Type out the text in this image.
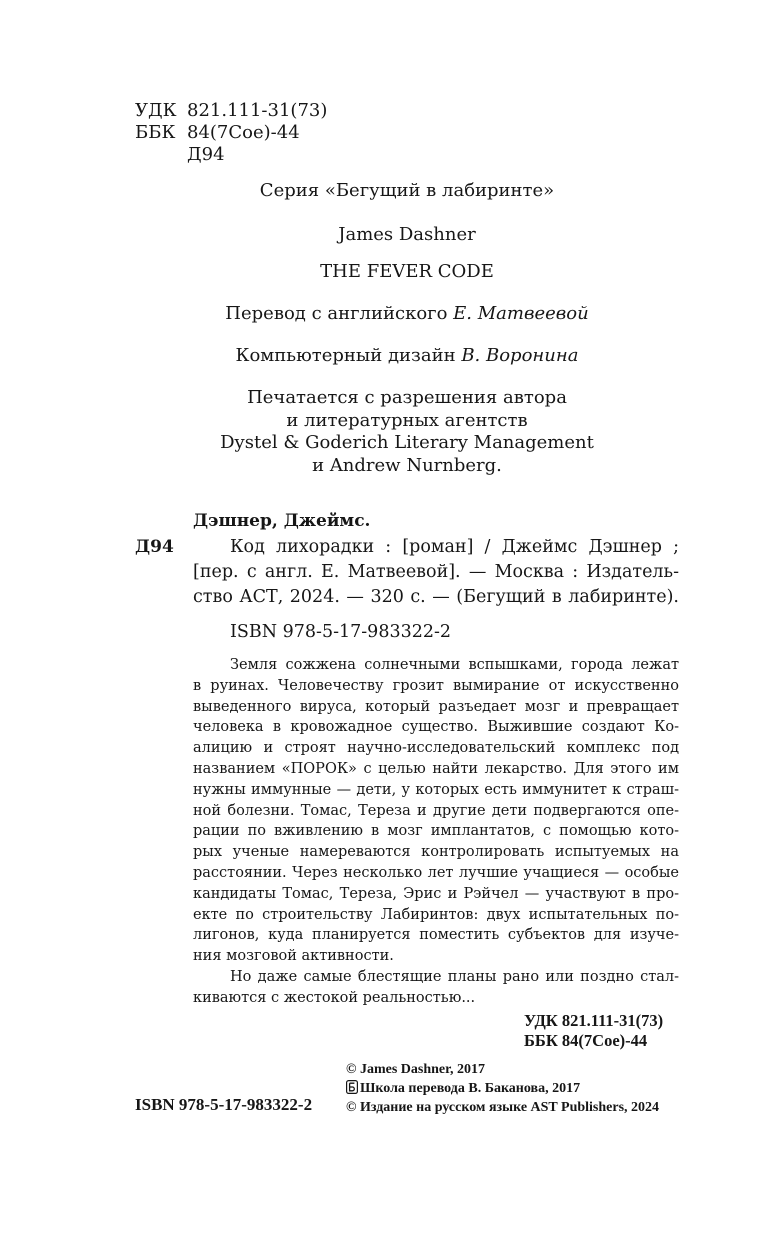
УДК 821.111-31(73)
ББК 84(7Сое)-44
Д94
Серия «Бегущий в лабиринте»
James Dashner
THE FEVER CODE
Перевод с английского Е. Матвеевой
Компьютерный дизайн В. Воронина
Печатается с разрешения автора
и литературных агентств
Dystel & Goderich Literary Management
и Andrew Nurnberg.
Дэшнер, Джеймс.
Д94	Код лихорадки : [роман] / Джеймс Дэшнер ;
[пер. с англ. Е. Матвеевой]. — Москва : Издатель-
ство АСТ, 2024. — 320 с. — (Бегущий в лабиринте).
ISBN 978-5-17-983322-2
Земля сожжена солнечными вспышками, города лежат
в руинах. Человечеству грозит вымирание от искусственно
выведенного вируса, который разъедает мозг и превращает
человека в кровожадное существо. Выжившие создают Ко-
алицию и строят научно-исследовательский комплекс под
названием «ПОРОК» с целью найти лекарство. Для этого им
нужны иммунные — дети, у которых есть иммунитет к страш-
ной болезни. Томас, Тереза и другие дети подвергаются опе-
рации по вживлению в мозг имплантатов, с помощью кото-
рых ученые намереваются контролировать испытуемых на
расстоянии. Через несколько лет лучшие учащиеся — особые
кандидаты Томас, Тереза, Эрис и Рэйчел — участвуют в про-
екте по строительству Лабиринтов: двух испытательных по-
лигонов, куда планируется поместить субъектов для изуче-
ния мозговой активности.
Но даже самые блестящие планы рано или поздно стал-
киваются с жестокой реальностью...
УДК 821.111-31(73)
ББК 84(7Сое)-44
© James Dashner, 2017
Школа перевода В. Баканова, 2017
© Издание на русском языке AST Publishers, 2024
ISBN 978-5-17-983322-2
